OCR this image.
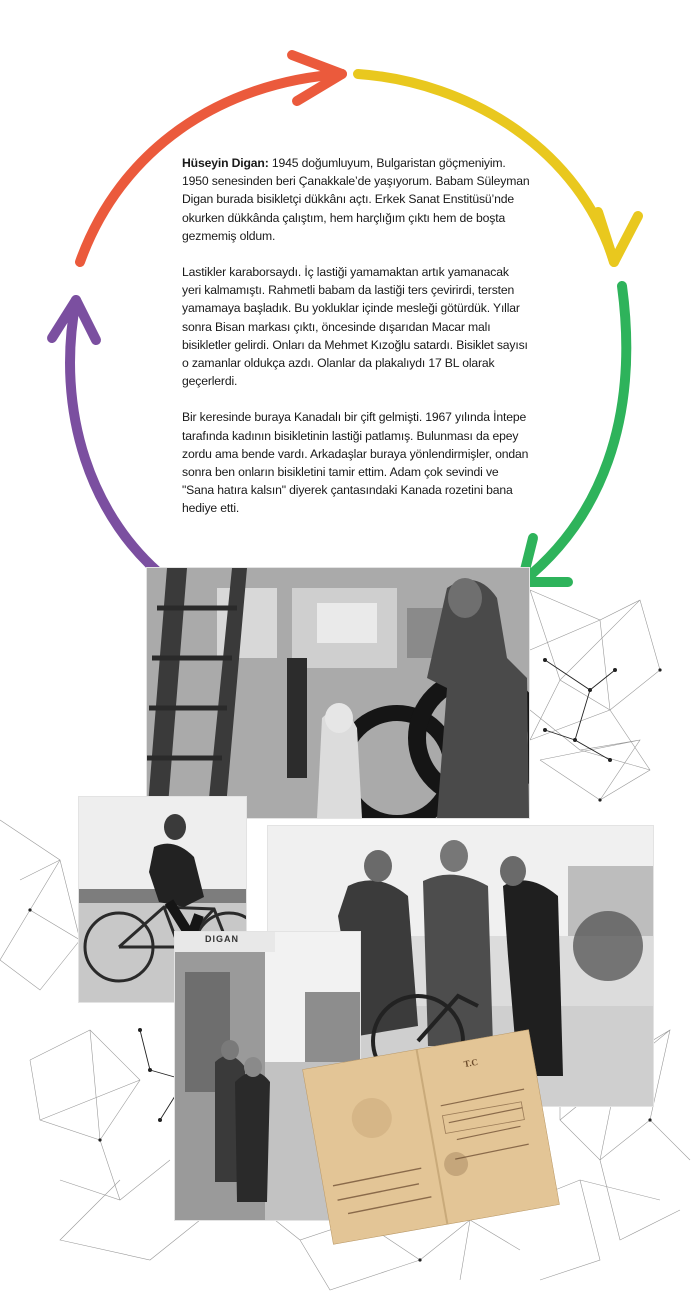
Hüseyin Digan: 1945 doğumluyum, Bulgaristan göçmeniyim. 1950 senesinden beri Çanakkale’de yaşıyorum. Babam Süleyman Digan burada bisikletçi dükkânı açtı. Erkek Sanat Enstitüsü’nde okurken dükkânda çalıştım, hem harçlığım çıktı hem de boşta gezmemiş oldum.

Lastikler karaborsaydı. İç lastiği yamamaktan artık yamanacak yeri kalmamıştı. Rahmetli babam da lastiği ters çevirirdi, tersten yamamaya başladık. Bu yokluklar içinde mesleği götürdük. Yıllar sonra Bisan markası çıktı, öncesinde dışarıdan Macar malı bisikletler gelirdi. Onları da Mehmet Kızoğlu satardı. Bisiklet sayısı o zamanlar oldukça azdı. Olanlar da plakalıydı 17 BL olarak geçerlerdi.

Bir keresinde buraya Kanadalı bir çift gelmişti. 1967 yılında İntepe tarafında kadının bisikletinin lastiği patlamış. Bulunması da epey zordu ama bende vardı. Arkadaşlar buraya yönlendirmişler, ondan sonra ben onların bisikletini tamir ettim. Adam çok sevindi ve "Sana hatıra kalsın" diyerek çantasındaki Kanada rozetini bana hediye etti.

DIGAN
T.C
